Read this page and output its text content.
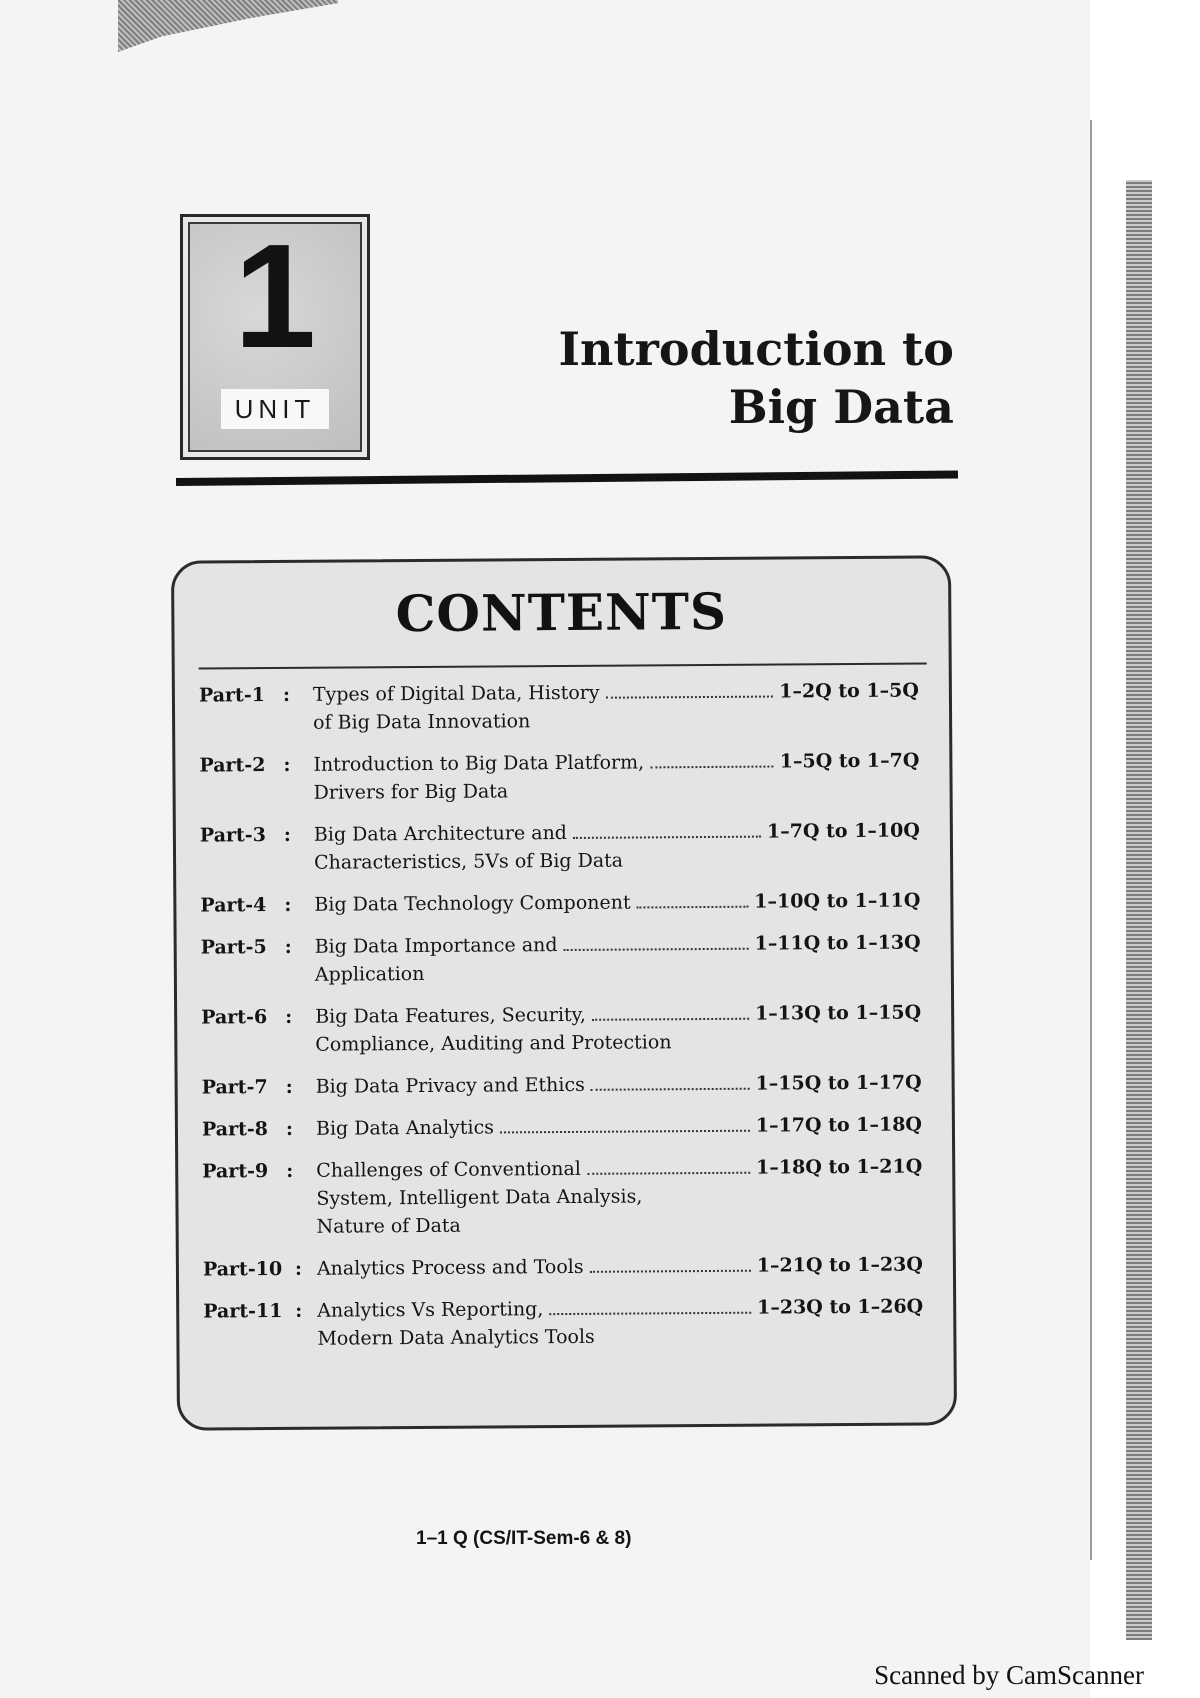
1
UNIT
Introduction to
Big Data
CONTENTS
Part-1 : Types of Digital Data, History	1–2Q to 1–5Q
of Big Data Innovation
Part-2 : Introduction to Big Data Platform,	1–5Q to 1–7Q
Drivers for Big Data
Part-3 : Big Data Architecture and	1–7Q to 1–10Q
Characteristics, 5Vs of Big Data
Part-4 : Big Data Technology Component	1–10Q to 1–11Q
Part-5 : Big Data Importance and	1–11Q to 1–13Q
Application
Part-6 : Big Data Features, Security,	1–13Q to 1–15Q
Compliance, Auditing and Protection
Part-7 : Big Data Privacy and Ethics	1–15Q to 1–17Q
Part-8 : Big Data Analytics	1–17Q to 1–18Q
Part-9 : Challenges of Conventional	1–18Q to 1–21Q
System, Intelligent Data Analysis,
Nature of Data
Part-10 : Analytics Process and Tools	1–21Q to 1–23Q
Part-11 : Analytics Vs Reporting,	1–23Q to 1–26Q
Modern Data Analytics Tools
1–1 Q (CS/IT-Sem-6 & 8)
Scanned by CamScanner
